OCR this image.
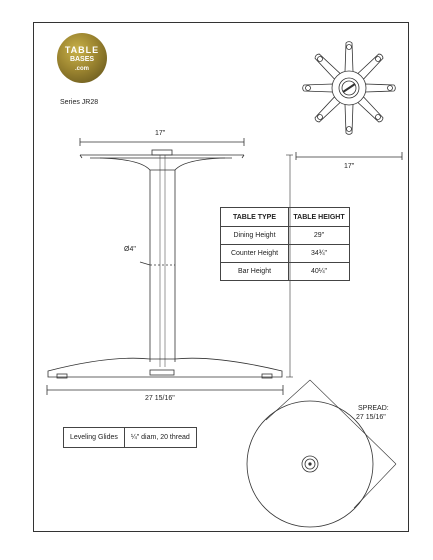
TABLE
BASES
.com
Series JR28
17"
17"
Ø4"
27 15/16"
SPREAD:
27 15/16"
TABLE TYPE	TABLE HEIGHT
Dining Height	29"
Counter Height	34¾"
Bar Height	40¼"
Leveling Glides	¼" diam, 20 thread
